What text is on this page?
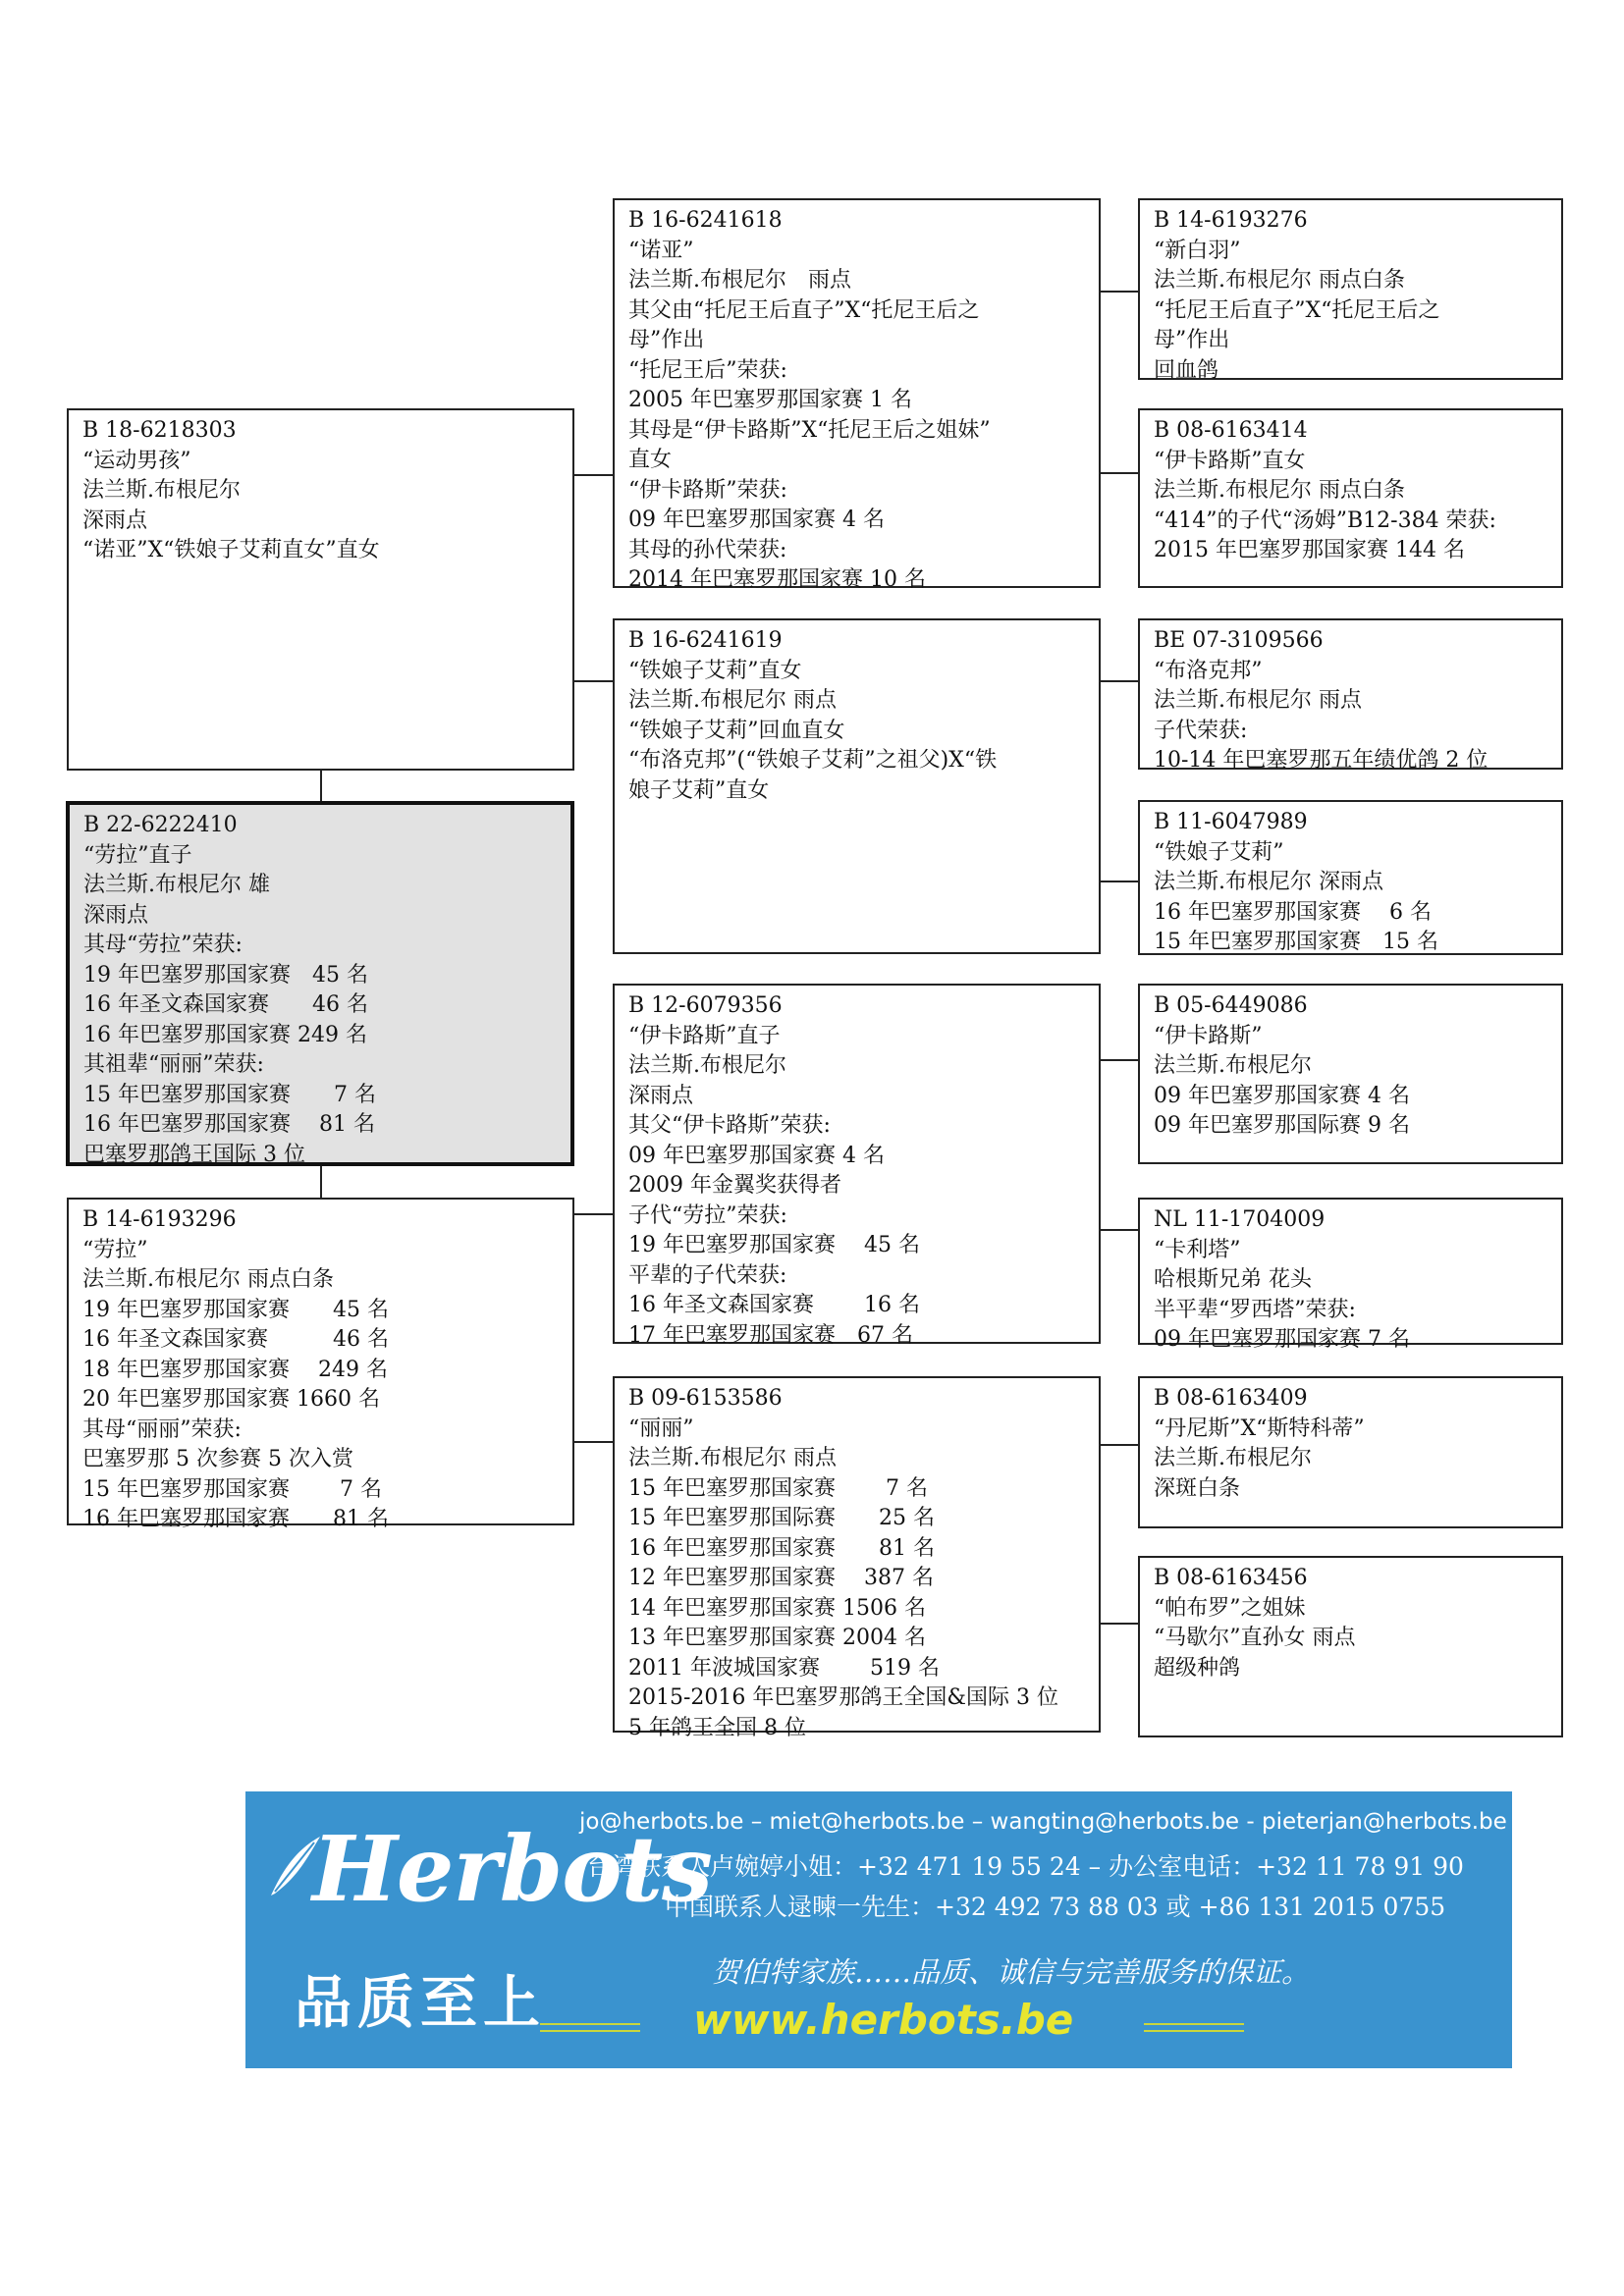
B 18-6218303
“运动男孩”
法兰斯.布根尼尔
深雨点
“诺亚”X“铁娘子艾莉直女”直女
B 22-6222410
“劳拉”直子
法兰斯.布根尼尔 雄
深雨点
其母“劳拉”荣获:
19 年巴塞罗那国家赛　45 名
16 年圣文森国家赛　　46 名
16 年巴塞罗那国家赛 249 名
其祖辈“丽丽”荣获:
15 年巴塞罗那国家赛　　7 名
16 年巴塞罗那国家赛　 81 名
巴塞罗那鸽王国际 3 位
B 14-6193296
“劳拉”
法兰斯.布根尼尔 雨点白条
19 年巴塞罗那国家赛　　45 名
16 年圣文森国家赛　　　46 名
18 年巴塞罗那国家赛　 249 名
20 年巴塞罗那国家赛 1660 名
其母“丽丽”荣获:
巴塞罗那 5 次参赛 5 次入赏
15 年巴塞罗那国家赛　　 7 名
16 年巴塞罗那国家赛　　81 名
B 16-6241618
“诺亚”
法兰斯.布根尼尔　雨点
其父由“托尼王后直子”X“托尼王后之
母”作出
“托尼王后”荣获:
2005 年巴塞罗那国家赛 1 名
其母是“伊卡路斯”X“托尼王后之姐妹”
直女
“伊卡路斯”荣获:
09 年巴塞罗那国家赛 4 名
其母的孙代荣获:
2014 年巴塞罗那国家赛 10 名
B 16-6241619
“铁娘子艾莉”直女
法兰斯.布根尼尔 雨点
“铁娘子艾莉”回血直女
“布洛克邦”(“铁娘子艾莉”之祖父)X“铁
娘子艾莉”直女
B 12-6079356
“伊卡路斯”直子
法兰斯.布根尼尔
深雨点
其父“伊卡路斯”荣获:
09 年巴塞罗那国家赛 4 名
2009 年金翼奖获得者
子代“劳拉”荣获:
19 年巴塞罗那国家赛　 45 名
平辈的子代荣获:
16 年圣文森国家赛　　 16 名
17 年巴塞罗那国家赛　67 名
B 09-6153586
“丽丽”
法兰斯.布根尼尔 雨点
15 年巴塞罗那国家赛　　 7 名
15 年巴塞罗那国际赛　　25 名
16 年巴塞罗那国家赛　　81 名
12 年巴塞罗那国家赛　 387 名
14 年巴塞罗那国家赛 1506 名
13 年巴塞罗那国家赛 2004 名
2011 年波城国家赛　　 519 名
2015-2016 年巴塞罗那鸽王全国&国际 3 位
5 年鸽王全国 8 位
B 14-6193276
“新白羽”
法兰斯.布根尼尔 雨点白条
“托尼王后直子”X“托尼王后之
母”作出
回血鸽
B 08-6163414
“伊卡路斯”直女
法兰斯.布根尼尔 雨点白条
“414”的子代“汤姆”B12-384 荣获:
2015 年巴塞罗那国家赛 144 名
BE 07-3109566
“布洛克邦”
法兰斯.布根尼尔 雨点
子代荣获:
10-14 年巴塞罗那五年绩优鸽 2 位
B 11-6047989
“铁娘子艾莉”
法兰斯.布根尼尔 深雨点
16 年巴塞罗那国家赛　 6 名
15 年巴塞罗那国家赛　15 名
B 05-6449086
“伊卡路斯”
法兰斯.布根尼尔
09 年巴塞罗那国家赛 4 名
09 年巴塞罗那国际赛 9 名
NL 11-1704009
“卡利塔”
哈根斯兄弟 花头
半平辈“罗西塔”荣获:
09 年巴塞罗那国家赛 7 名
B 08-6163409
“丹尼斯”X“斯特科蒂”
法兰斯.布根尼尔
深斑白条
B 08-6163456
“帕布罗”之姐妹
“马歇尔”直孙女 雨点
超级种鸽
Herbots
品质至上
jo@herbots.be – miet@herbots.be – wangting@herbots.be - pieterjan@herbots.be
台湾联系人卢婉婷小姐：+32 471 19 55 24 – 办公室电话：+32 11 78 91 90
中国联系人逯暕一先生：+32 492 73 88 03 或 +86 131 2015 0755
贺伯特家族……品质、诚信与完善服务的保证。
www.herbots.be
